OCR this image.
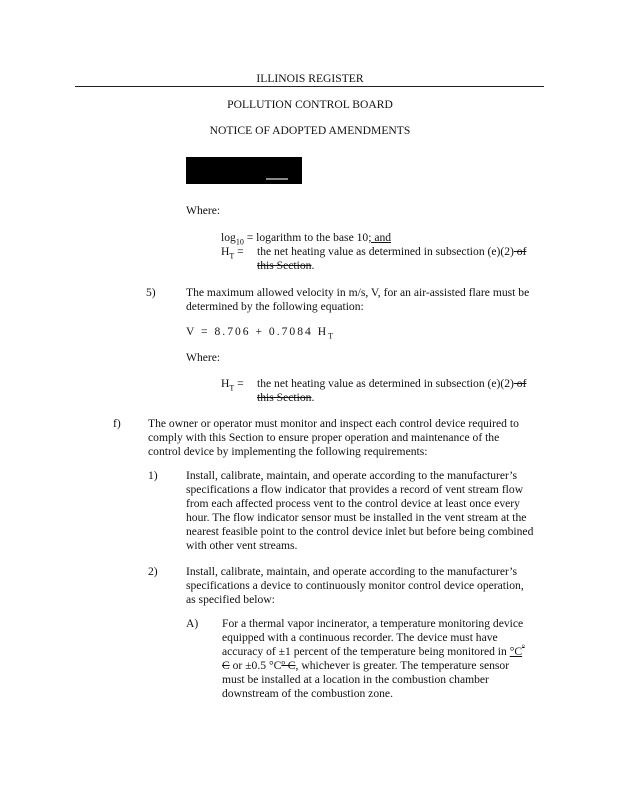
ILLINOIS REGISTER
POLLUTION CONTROL BOARD
NOTICE OF ADOPTED AMENDMENTS
Where:
$\log_{10}$ = logarithm to the base 10; and
$H_T$ = the net heating value as determined in subsection (e)(2) of
this Section.
5)	The maximum allowed velocity in m/s, V, for an air-assisted flare must be
determined by the following equation:
V = 8.706 + 0.7084 $H_T$
Where:
$H_T$ = the net heating value as determined in subsection (e)(2) of
this Section.
f) The owner or operator must monitor and inspect each control device required to
comply with this Section to ensure proper operation and maintenance of the
control device by implementing the following requirements:
1) Install, calibrate, maintain, and operate according to the manufacturer’s
specifications a flow indicator that provides a record of vent stream flow
from each affected process vent to the control device at least once every
hour. The flow indicator sensor must be installed in the vent stream at the
nearest feasible point to the control device inlet but before being combined
with other vent streams.
2) Install, calibrate, maintain, and operate according to the manufacturer’s
specifications a device to continuously monitor control device operation,
as specified below:
A) For a thermal vapor incinerator, a temperature monitoring device
equipped with a continuous recorder. The device must have
accuracy of ±1 percent of the temperature being monitored in $^\circ C^º$
C or ±0.5 °Cº C, whichever is greater. The temperature sensor
must be installed at a location in the combustion chamber
downstream of the combustion zone.
